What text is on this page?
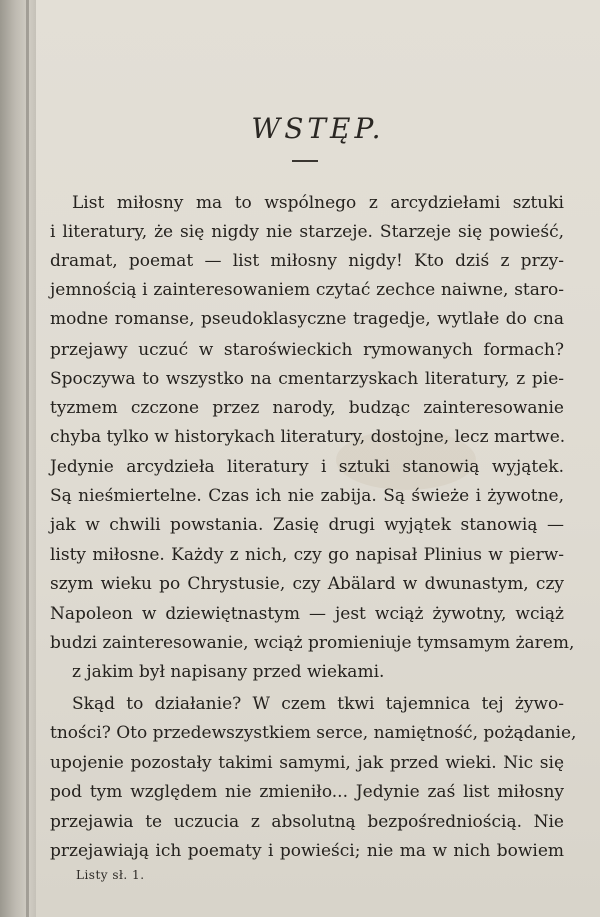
WSTĘP.
List miłosny ma to wspólnego z arcydziełami sztuki
i literatury, że się nigdy nie starzeje. Starzeje się powieść,
dramat, poemat — list miłosny nigdy! Kto dziś z przy-
jemnością i zainteresowaniem czytać zechce naiwne, staro-
modne romanse, pseudoklasyczne tragedje, wytlałe do cna
przejawy uczuć w staroświeckich rymowanych formach?
Spoczywa to wszystko na cmentarzyskach literatury, z pie-
tyzmem czczone przez narody, budząc zainteresowanie
chyba tylko w historykach literatury, dostojne, lecz martwe.
Jedynie arcydzieła literatury i sztuki stanowią wyjątek.
Są nieśmiertelne. Czas ich nie zabija. Są świeże i żywotne,
jak w chwili powstania. Zasię drugi wyjątek stanowią —
listy miłosne. Każdy z nich, czy go napisał Plinius w pierw-
szym wieku po Chrystusie, czy Abälard w dwunastym, czy
Napoleon w dziewiętnastym — jest wciąż żywotny, wciąż
budzi zainteresowanie, wciąż promieniuje tymsamym żarem,
z jakim był napisany przed wiekami.
Skąd to działanie? W czem tkwi tajemnica tej żywo-
tności? Oto przedewszystkiem serce, namiętność, pożądanie,
upojenie pozostały takimi samymi, jak przed wieki. Nic się
pod tym względem nie zmieniło... Jedynie zaś list miłosny
przejawia te uczucia z absolutną bezpośredniością. Nie
przejawiają ich poematy i powieści; nie ma w nich bowiem
Listy sł. 1.
